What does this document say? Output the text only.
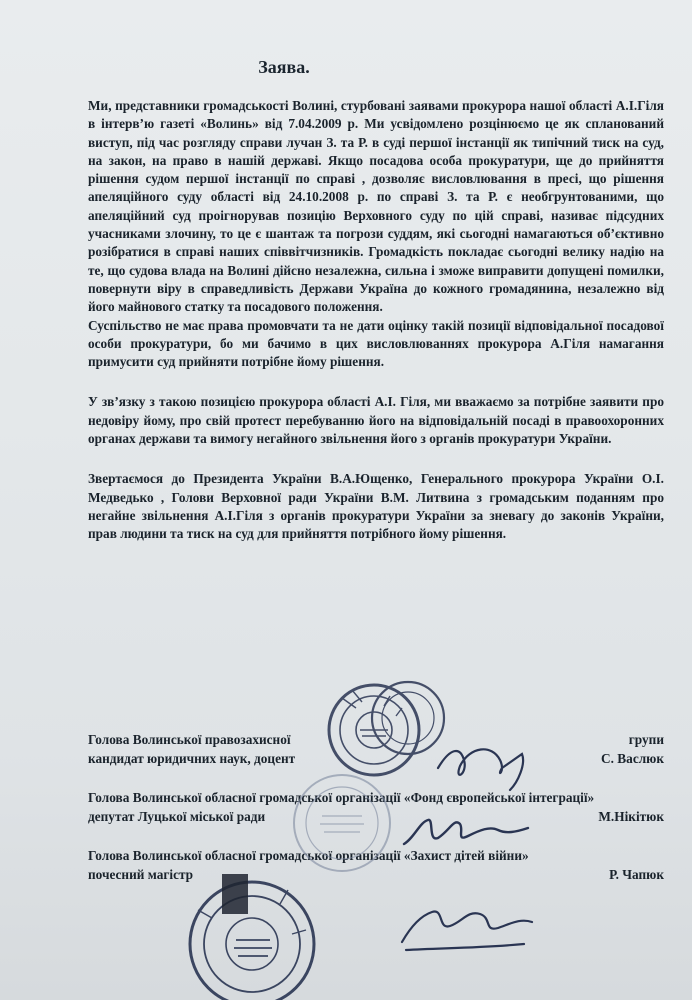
Заява.

Ми, представники громадськості Волині, стурбовані заявами прокурора нашої області А.І.Гіля в інтерв’ю газеті «Волинь» від 7.04.2009 р. Ми усвідомлено розцінюємо це як спланований виступ, під час розгляду справи лучан З. та Р. в суді першої інстанції як типічний тиск на суд, на закон, на право в нашій державі. Якщо посадова особа прокуратури, ще до прийняття рішення судом першої інстанції по справі , дозволяє висловлювання в пресі, що рішення апеляційного суду області від 24.10.2008 р. по справі З. та Р. є необгрунтованими, що апеляційний суд проігнорував позицію Верховного суду по цій справі, називає підсудних учасниками злочину, то це є шантаж та погрози суддям, які сьогодні намагаються об’єктивно розібратися в справі наших співвітчизників. Громадкість покладає сьогодні велику надію на те, що судова влада на Волині дійсно незалежна, сильна і зможе виправити допущені помилки, повернути віру в справедливість Держави Україна до кожного громадянина, незалежно від його майнового статку та посадового положення.

Суспільство не має права промовчати та не дати оцінку такій позиції відповідальної посадової особи прокуратури, бо ми бачимо в цих висловлюваннях прокурора А.Гіля намагання примусити суд прийняти потрібне йому рішення.

У зв’язку з такою позицією прокурора області А.І. Гіля, ми вважаємо за потрібне заявити про недовіру йому, про свій протест перебуванню його на відповідальній посаді в правоохоронних органах держави та вимогу негайного звільнення його з органів прокуратури України.

Звертаємося до Президента України В.А.Ющенко, Генерального прокурора України О.І. Медведько , Голови Верховної ради України В.М. Литвина з громадським поданням про негайне звільнення А.І.Гіля з органів прокуратури України за зневагу до законів України, прав людини та тиск на суд для прийняття потрібного йому рішення.

Голова Волинської правозахисної	групи
кандидат юридичних наук, доцент	С. Васлюк
Голова Волинської обласної громадської організації «Фонд європейської інтеграції»
депутат Луцької міської ради	М.Нікітюк
Голова Волинської обласної громадської організації «Захист дітей війни»
почесний магістр	Р. Чапюк
